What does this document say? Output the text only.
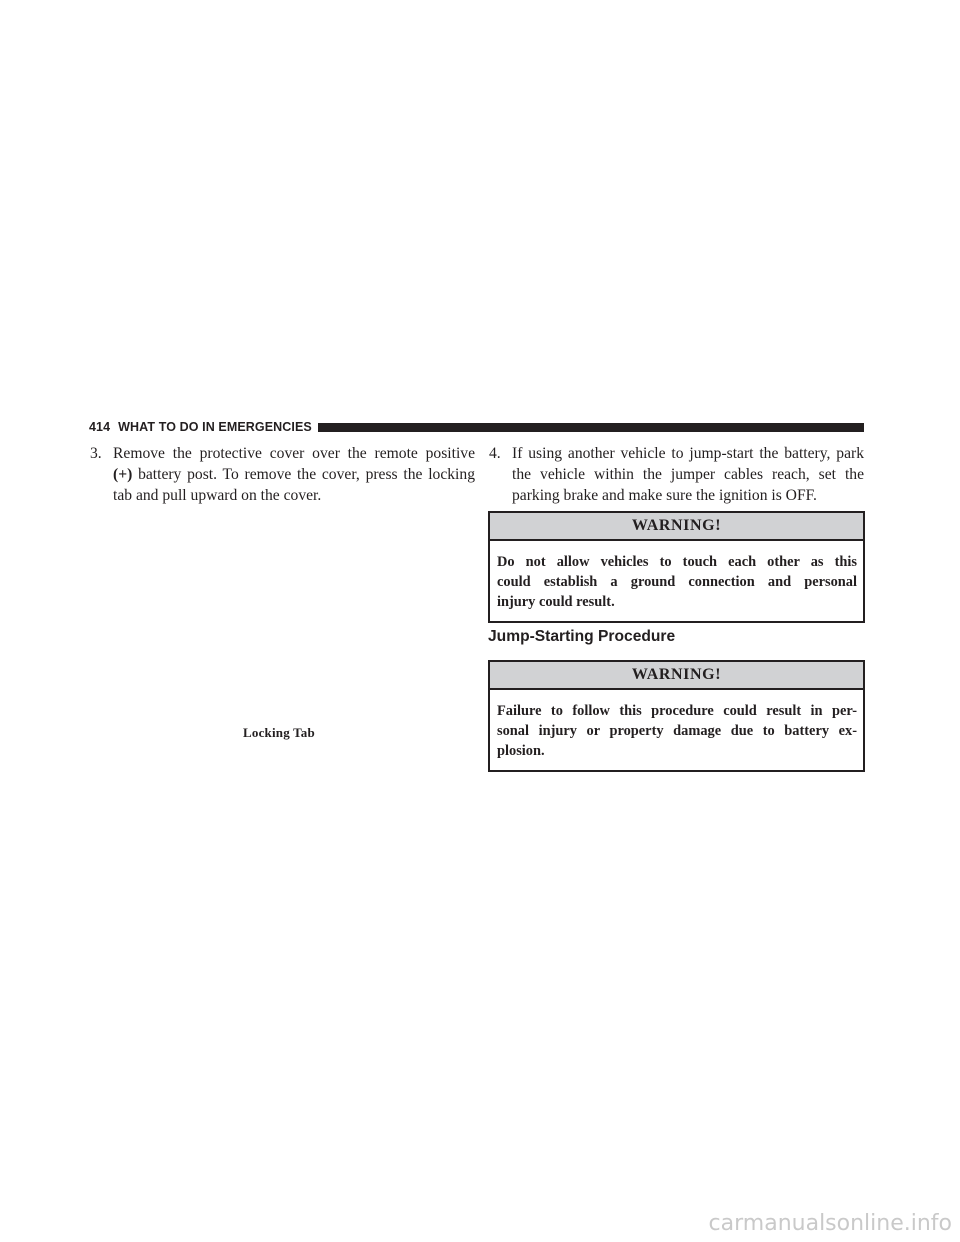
414 WHAT TO DO IN EMERGENCIES
3. Remove the protective cover over the remote positive
(+) battery post. To remove the cover, press the locking
tab and pull upward on the cover.
Locking Tab
4. If using another vehicle to jump-start the battery, park
the vehicle within the jumper cables reach, set the
parking brake and make sure the ignition is OFF.
WARNING!
Do not allow vehicles to touch each other as this
could establish a ground connection and personal
injury could result.
Jump-Starting Procedure
WARNING!
Failure to follow this procedure could result in per-
sonal injury or property damage due to battery ex-
plosion.
carmanualsonline.info
